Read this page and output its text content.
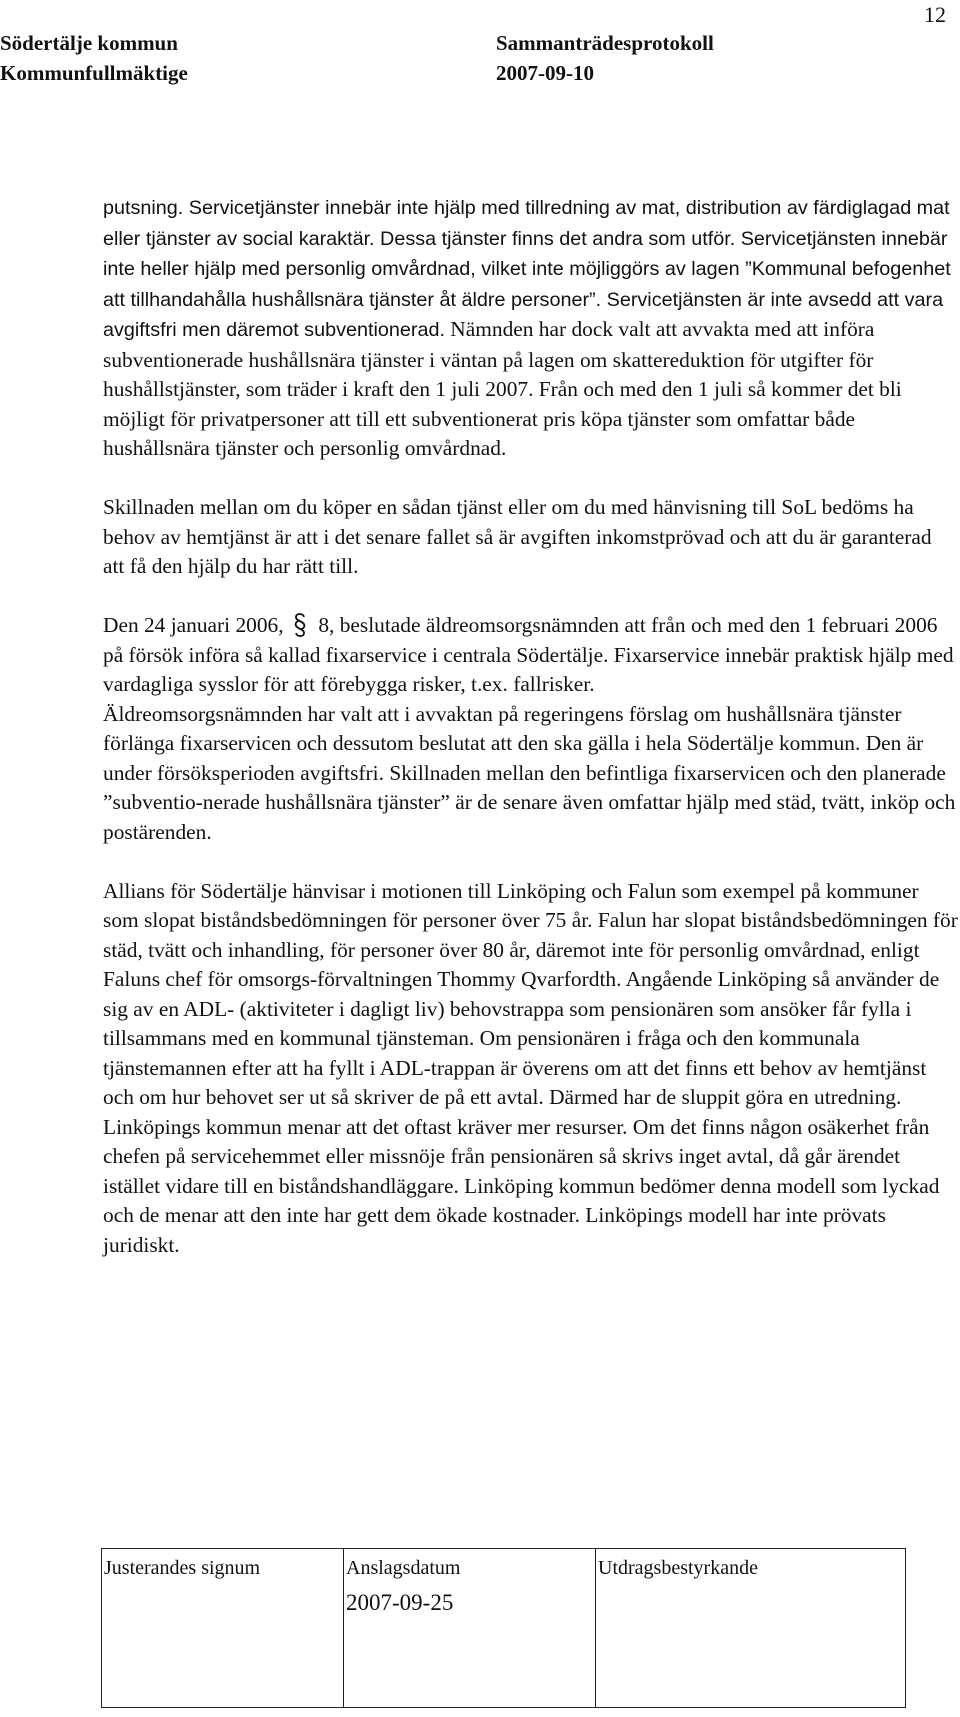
12
Södertälje kommun
Kommunfullmäktige
Sammanträdesprotokoll
2007-09-10

putsning. Servicetjänster innebär inte hjälp med tillredning av mat, distribution av färdiglagad mat eller tjänster av social karaktär. Dessa tjänster finns det andra som utför. Servicetjänsten innebär inte heller hjälp med personlig omvårdnad, vilket inte möjliggörs av lagen ”Kommunal befogenhet att tillhandahålla hushållsnära tjänster åt äldre personer”. Servicetjänsten är inte avsedd att vara avgiftsfri men däremot subventionerad. Nämnden har dock valt att avvakta med att införa subventionerade hushållsnära tjänster i väntan på lagen om skattereduktion för utgifter för hushållstjänster, som träder i kraft den 1 juli 2007. Från och med den 1 juli så kommer det bli möjligt för privatpersoner att till ett subventionerat pris köpa tjänster som omfattar både hushållsnära tjänster och personlig omvårdnad.

Skillnaden mellan om du köper en sådan tjänst eller om du med hänvisning till SoL bedöms ha behov av hemtjänst är att i det senare fallet så är avgiften inkomstprövad och att du är garanterad att få den hjälp du har rätt till.

Den 24 januari 2006, 8, beslutade äldreomsorgsnämnden att från och med den 1 februari 2006 på försök införa så kallad fixarservice i centrala Södertälje. Fixarservice innebär praktisk hjälp med vardagliga sysslor för att förebygga risker, t.ex. fallrisker.

Äldreomsorgsnämnden har valt att i avvaktan på regeringens förslag om hushållsnära tjänster förlänga fixarservicen och dessutom beslutat att den ska gälla i hela Södertälje kommun. Den är under försöksperioden avgiftsfri. Skillnaden mellan den befintliga fixarservicen och den planerade ”subventio-nerade hushållsnära tjänster” är de senare även omfattar hjälp med städ, tvätt, inköp och postärenden.

Allians för Södertälje hänvisar i motionen till Linköping och Falun som exempel på kommuner som slopat biståndsbedömningen för personer över 75 år. Falun har slopat biståndsbedömningen för städ, tvätt och inhandling, för personer över 80 år, däremot inte för personlig omvårdnad, enligt Faluns chef för omsorgs-förvaltningen Thommy Qvarfordth. Angående Linköping så använder de sig av en ADL- (aktiviteter i dagligt liv) behovstrappa som pensionären som ansöker får fylla i tillsammans med en kommunal tjänsteman. Om pensionären i fråga och den kommunala tjänstemannen efter att ha fyllt i ADL-trappan är överens om att det finns ett behov av hemtjänst och om hur behovet ser ut så skriver de på ett avtal. Därmed har de sluppit göra en utredning. Linköpings kommun menar att det oftast kräver mer resurser. Om det finns någon osäkerhet från chefen på servicehemmet eller missnöje från pensionären så skrivs inget avtal, då går ärendet istället vidare till en biståndshandläggare. Linköping kommun bedömer denna modell som lyckad och de menar att den inte har gett dem ökade kostnader. Linköpings modell har inte prövats juridiskt.

Justerandes signum	Anslagsdatum
2007-09-25
Utdragsbestyrkande
